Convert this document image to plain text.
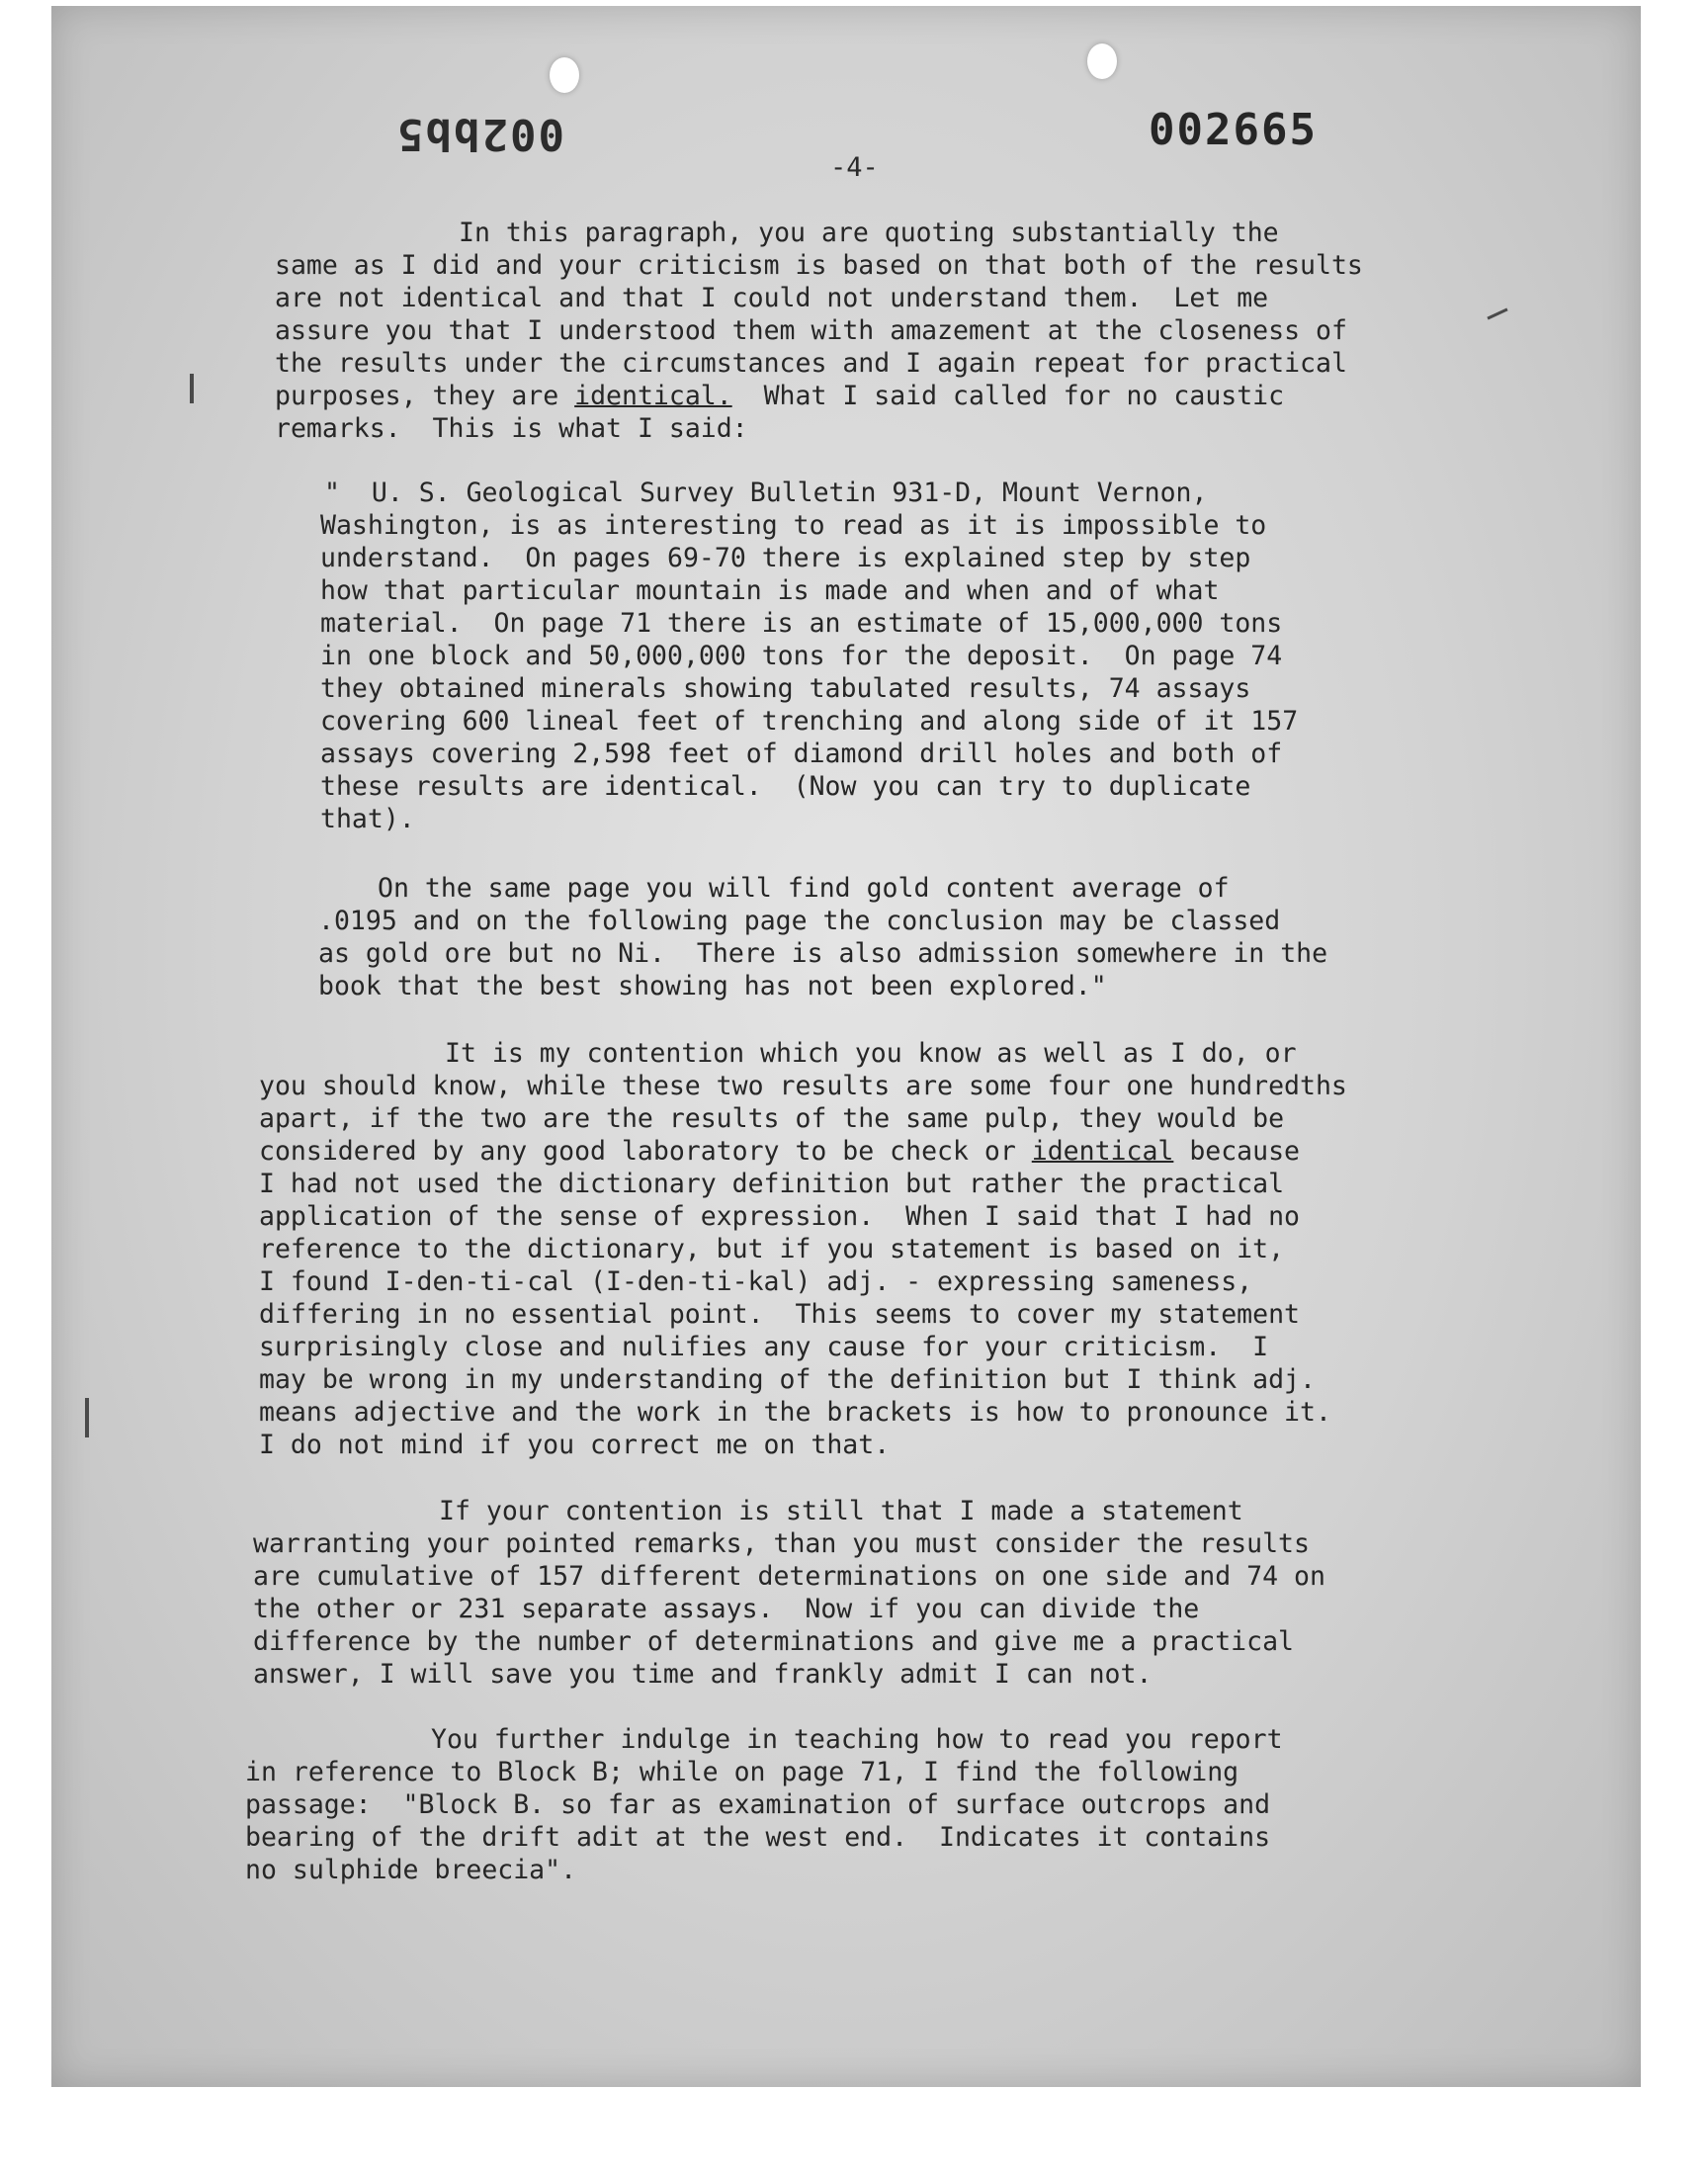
002bb5	002665
-4-
In this paragraph, you are quoting substantially the
same as I did and your criticism is based on that both of the results
are not identical and that I could not understand them.  Let me
assure you that I understood them with amazement at the closeness of
the results under the circumstances and I again repeat for practical
purposes, they are identical.  What I said called for no caustic
remarks.  This is what I said:
"  U. S. Geological Survey Bulletin 931-D, Mount Vernon,
Washington, is as interesting to read as it is impossible to
understand.  On pages 69-70 there is explained step by step
how that particular mountain is made and when and of what
material.  On page 71 there is an estimate of 15,000,000 tons
in one block and 50,000,000 tons for the deposit.  On page 74
they obtained minerals showing tabulated results, 74 assays
covering 600 lineal feet of trenching and along side of it 157
assays covering 2,598 feet of diamond drill holes and both of
these results are identical.  (Now you can try to duplicate
that).
On the same page you will find gold content average of
.0195 and on the following page the conclusion may be classed
as gold ore but no Ni.  There is also admission somewhere in the
book that the best showing has not been explored."
It is my contention which you know as well as I do, or
you should know, while these two results are some four one hundredths
apart, if the two are the results of the same pulp, they would be
considered by any good laboratory to be check or identical because
I had not used the dictionary definition but rather the practical
application of the sense of expression.  When I said that I had no
reference to the dictionary, but if you statement is based on it,
I found I-den-ti-cal (I-den-ti-kal) adj. - expressing sameness,
differing in no essential point.  This seems to cover my statement
surprisingly close and nulifies any cause for your criticism.  I
may be wrong in my understanding of the definition but I think adj.
means adjective and the work in the brackets is how to pronounce it.
I do not mind if you correct me on that.
If your contention is still that I made a statement
warranting your pointed remarks, than you must consider the results
are cumulative of 157 different determinations on one side and 74 on
the other or 231 separate assays.  Now if you can divide the
difference by the number of determinations and give me a practical
answer, I will save you time and frankly admit I can not.
You further indulge in teaching how to read you report
in reference to Block B; while on page 71, I find the following
passage:  "Block B. so far as examination of surface outcrops and
bearing of the drift adit at the west end.  Indicates it contains
no sulphide breecia".
